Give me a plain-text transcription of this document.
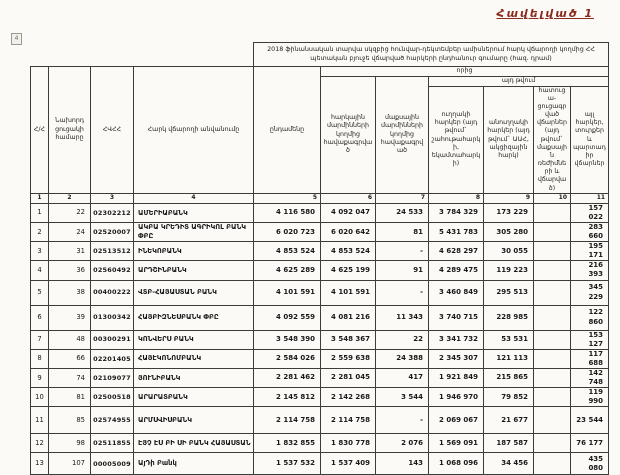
Հավելված 1
4
				2018 ֆինանսական տարվա սկզբից հունվար-դեկտեմբեր ամիսներում հարկ վճարողի կողմից ՀՀ պետական բյուջե վճարված հարկերի ընդհանուր գումարը (հազ. դրամ)						
Հ/Հ	Նախորդ ցուցակի համարը	ՀՎՀՀ	Հարկ վճարողի անվանումը	ընդամենը	որից					
					հարկային մարմինների կողմից հավաքագրված	մաքսային մարմինների կողմից հավաքագրված	այդ թվում			
							ուղղակի հարկեր (այդ թվում` շահութահարկի, եկամտահարկի)	անուղղակի հարկեր (այդ թվում` ԱԱՀ, ակցիզային հարկ)	հատուցա-ցուցագրված վճարներ (այդ թվում` մաքսային ռեժիմների և վճարված)	այլ հարկեր, տուրքեր և պարտադիր վճարներ
1	2	3	4	5	6	7	8	9	10	11
1	22	02302212	ԱՄԵՐԻԱԲԱՆԿ	4 116 580	4 092 047	24 533	3 784 329	173 229		157 022
2	24	02520007	ԱԿԲԱ ԿՐԵԴԻՏ ԱԳՐԻԿՈԼ ԲԱՆԿ ՓԲԸ	6 020 723	6 020 642	81	5 431 783	305 280		283 660
3	31	02513512	ԻՆԵԿՈԲԱՆԿ	4 853 524	4 853 524	-	4 628 297	30 055		195 171
4	36	02560492	ԱՐԴՇԻՆԲԱՆԿ	4 625 289	4 625 199	91	4 289 475	119 223		216 393
5	38	00400222	ՎՏԲ-ՀԱՅԱՍՏԱՆ ԲԱՆԿ	4 101 591	4 101 591	-	3 460 849	295 513		345 229
6	39	01300342	ՀԱՅԲԻԶՆԵՍԲԱՆԿ ՓԲԸ	4 092 559	4 081 216	11 343	3 740 715	228 985		122 860
7	48	00300291	ԿՈՆՎԵՐՍ ԲԱՆԿ	3 548 390	3 548 367	22	3 341 732	53 531		153 127
8	66	02201405	ՀԱՅԷԿՈՆՈՄԲԱՆԿ	2 584 026	2 559 638	24 388	2 345 307	121 113		117 688
9	74	02109077	ՅՈՒՆԻԲԱՆԿ	2 281 462	2 281 045	417	1 921 849	215 865		142 748
10	81	02500518	ԱՐԱՐԱՏԲԱՆԿ	2 145 812	2 142 268	3 544	1 946 970	79 852		119 990
11	85	02574955	ԱՐՄՍՎԻՍԲԱՆԿ	2 114 758	2 114 758	-	2 069 067	21 677		23 544
12	98	02511855	ԷՅՉ ԷՍ ԲԻ ՍԻ ԲԱՆԿ ՀԱՅԱՍՏԱՆ	1 832 855	1 830 778	2 076	1 569 091	187 587		76 177
13	107	00005009	ԱյԴի Բանկ	1 537 532	1 537 409	143	1 068 096	34 456		435 080
